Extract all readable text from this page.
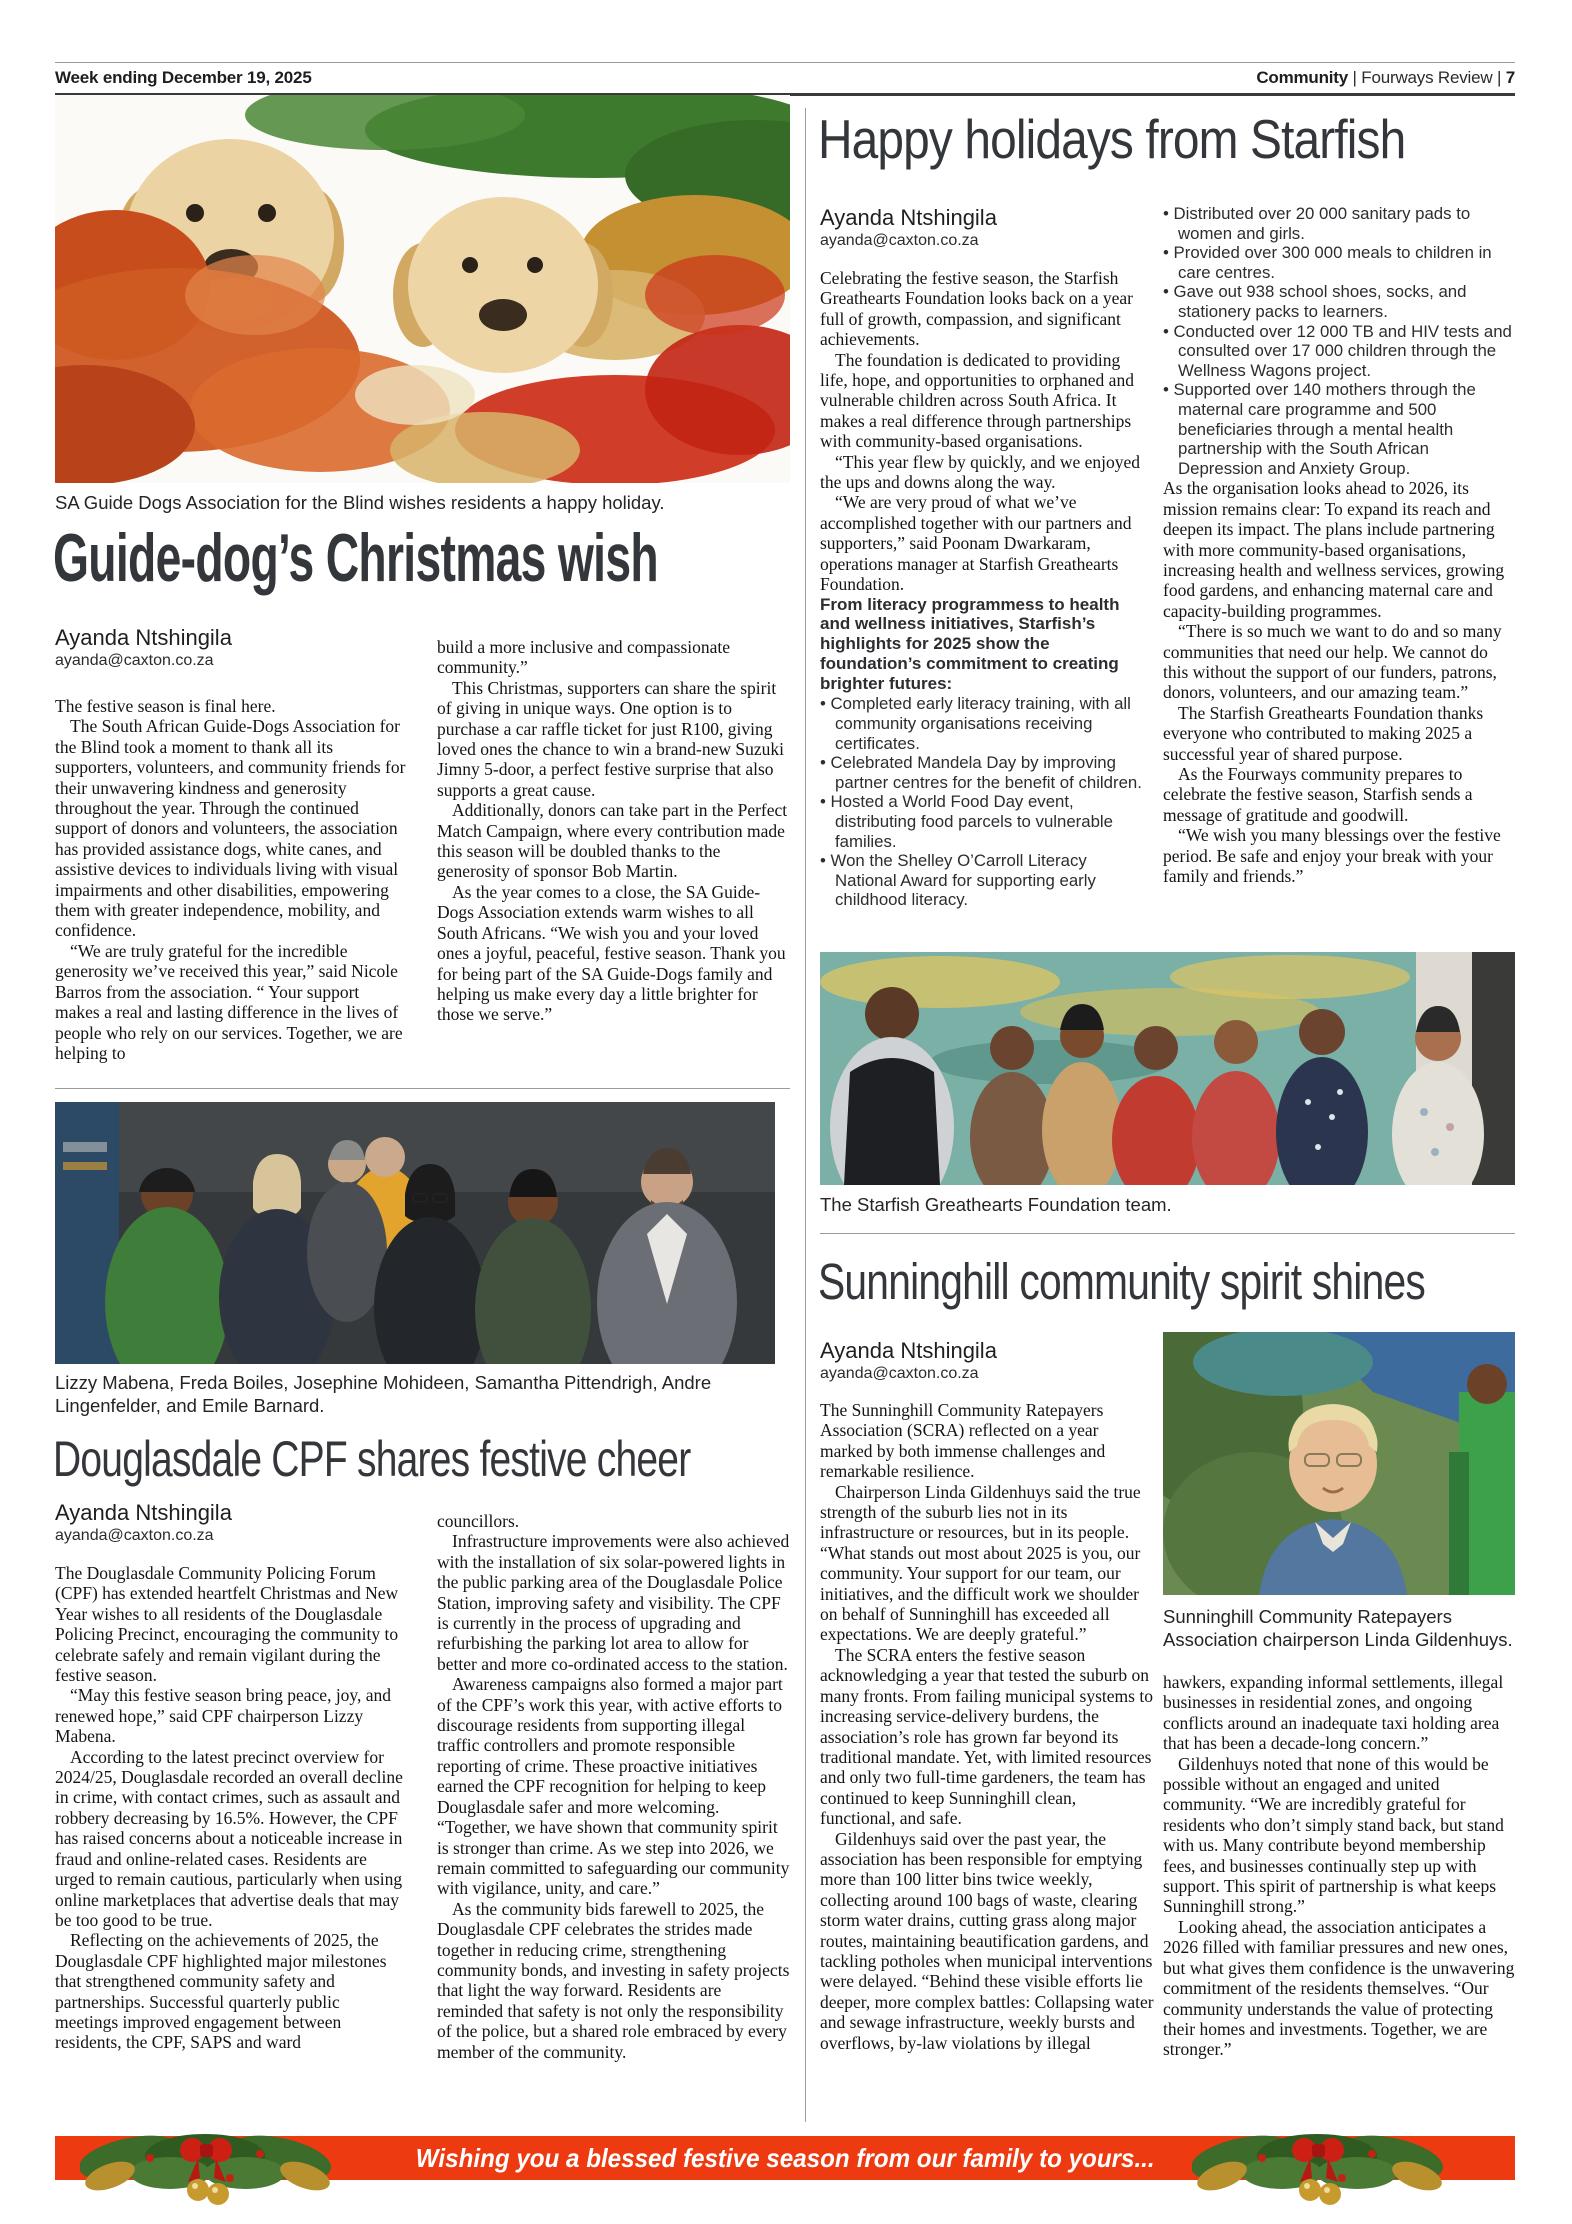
Week ending December 19, 2025	Community | Fourways Review | 7
SA Guide Dogs Association for the Blind wishes residents a happy holiday.
Guide-dog’s Christmas wish
Ayanda Ntshingila
ayanda@caxton.co.za

The festive season is final here.

The South African Guide-Dogs Association for the Blind took a moment to thank all its supporters, volunteers, and community friends for their unwavering kindness and generosity throughout the year. Through the continued support of donors and volunteers, the association has provided assistance dogs, white canes, and assistive devices to individuals living with visual impairments and other disabilities, empowering them with greater independence, mobility, and confidence.

“We are truly grateful for the incredible generosity we’ve received this year,” said Nicole Barros from the association. “ Your support makes a real and lasting difference in the lives of people who rely on our services. Together, we are helping to

build a more inclusive and compassionate community.”

This Christmas, supporters can share the spirit of giving in unique ways. One option is to purchase a car raffle ticket for just R100, giving loved ones the chance to win a brand-new Suzuki Jimny 5-door, a perfect festive surprise that also supports a great cause.

Additionally, donors can take part in the Perfect Match Campaign, where every contribution made this season will be doubled thanks to the generosity of sponsor Bob Martin.

As the year comes to a close, the SA Guide-Dogs Association extends warm wishes to all South Africans. “We wish you and your loved ones a joyful, peaceful, festive season. Thank you for being part of the SA Guide-Dogs family and helping us make every day a little brighter for those we serve.”

Lizzy Mabena, Freda Boiles, Josephine Mohideen, Samantha Pittendrigh, Andre Lingenfelder, and Emile Barnard.
Douglasdale CPF shares festive cheer
Ayanda Ntshingila
ayanda@caxton.co.za

The Douglasdale Community Policing Forum (CPF) has extended heartfelt Christmas and New Year wishes to all residents of the Douglasdale Policing Precinct, encouraging the community to celebrate safely and remain vigilant during the festive season.

“May this festive season bring peace, joy, and renewed hope,” said CPF chairperson Lizzy Mabena.

According to the latest precinct overview for 2024/25, Douglasdale recorded an overall decline in crime, with contact crimes, such as assault and robbery decreasing by 16.5%. However, the CPF has raised concerns about a noticeable increase in fraud and online-related cases. Residents are urged to remain cautious, particularly when using online marketplaces that advertise deals that may be too good to be true.

Reflecting on the achievements of 2025, the Douglasdale CPF highlighted major milestones that strengthened community safety and partnerships. Successful quarterly public meetings improved engagement between residents, the CPF, SAPS and ward

councillors.

Infrastructure improvements were also achieved with the installation of six solar-powered lights in the public parking area of the Douglasdale Police Station, improving safety and visibility. The CPF is currently in the process of upgrading and refurbishing the parking lot area to allow for better and more co-ordinated access to the station.

Awareness campaigns also formed a major part of the CPF’s work this year, with active efforts to discourage residents from supporting illegal traffic controllers and promote responsible reporting of crime. These proactive initiatives earned the CPF recognition for helping to keep Douglasdale safer and more welcoming. “Together, we have shown that community spirit is stronger than crime. As we step into 2026, we remain committed to safeguarding our community with vigilance, unity, and care.”

As the community bids farewell to 2025, the Douglasdale CPF celebrates the strides made together in reducing crime, strengthening community bonds, and investing in safety projects that light the way forward. Residents are reminded that safety is not only the responsibility of the police, but a shared role embraced by every member of the community.

Happy holidays from Starfish
Ayanda Ntshingila
ayanda@caxton.co.za

Celebrating the festive season, the Starfish Greathearts Foundation looks back on a year full of growth, compassion, and significant achievements.

The foundation is dedicated to providing life, hope, and opportunities to orphaned and vulnerable children across South Africa. It makes a real difference through partnerships with community-based organisations.

“This year flew by quickly, and we enjoyed the ups and downs along the way.

“We are very proud of what we’ve accomplished together with our partners and supporters,” said Poonam Dwarkaram, operations manager at Starfish Greathearts Foundation.

From literacy programmess to health and wellness initiatives, Starfish’s highlights for 2025 show the foundation’s commitment to creating brighter futures:
• Completed early literacy training, with all community organisations receiving certificates.
• Celebrated Mandela Day by improving partner centres for the benefit of children.
• Hosted a World Food Day event, distributing food parcels to vulnerable families.
• Won the Shelley O’Carroll Literacy National Award for supporting early childhood literacy.
• Distributed over 20 000 sanitary pads to women and girls.
• Provided over 300 000 meals to children in care centres.
• Gave out 938 school shoes, socks, and stationery packs to learners.
• Conducted over 12 000 TB and HIV tests and consulted over 17 000 children through the Wellness Wagons project.
• Supported over 140 mothers through the maternal care programme and 500 beneficiaries through a mental health partnership with the South African Depression and Anxiety Group.

As the organisation looks ahead to 2026, its mission remains clear: To expand its reach and deepen its impact. The plans include partnering with more community-based organisations, increasing health and wellness services, growing food gardens, and enhancing maternal care and capacity-building programmes.

“There is so much we want to do and so many communities that need our help. We cannot do this without the support of our funders, patrons, donors, volunteers, and our amazing team.”

The Starfish Greathearts Foundation thanks everyone who contributed to making 2025 a successful year of shared purpose.

As the Fourways community prepares to celebrate the festive season, Starfish sends a message of gratitude and goodwill.

“We wish you many blessings over the festive period. Be safe and enjoy your break with your family and friends.”

The Starfish Greathearts Foundation team.
Sunninghill community spirit shines
Ayanda Ntshingila
ayanda@caxton.co.za

The Sunninghill Community Ratepayers Association (SCRA) reflected on a year marked by both immense challenges and remarkable resilience.

Chairperson Linda Gildenhuys said the true strength of the suburb lies not in its infrastructure or resources, but in its people. “What stands out most about 2025 is you, our community. Your support for our team, our initiatives, and the difficult work we shoulder on behalf of Sunninghill has exceeded all expectations. We are deeply grateful.”

The SCRA enters the festive season acknowledging a year that tested the suburb on many fronts. From failing municipal systems to increasing service-delivery burdens, the association’s role has grown far beyond its traditional mandate. Yet, with limited resources and only two full-time gardeners, the team has continued to keep Sunninghill clean, functional, and safe.

Gildenhuys said over the past year, the association has been responsible for emptying more than 100 litter bins twice weekly, collecting around 100 bags of waste, clearing storm water drains, cutting grass along major routes, maintaining beautification gardens, and tackling potholes when municipal interventions were delayed. “Behind these visible efforts lie deeper, more complex battles: Collapsing water and sewage infrastructure, weekly bursts and overflows, by-law violations by illegal

Sunninghill Community Ratepayers Association chairperson Linda Gildenhuys.

hawkers, expanding informal settlements, illegal businesses in residential zones, and ongoing conflicts around an inadequate taxi holding area that has been a decade-long concern.”

Gildenhuys noted that none of this would be possible without an engaged and united community. “We are incredibly grateful for residents who don’t simply stand back, but stand with us. Many contribute beyond membership fees, and businesses continually step up with support. This spirit of partnership is what keeps Sunninghill strong.”

Looking ahead, the association anticipates a 2026 filled with familiar pressures and new ones, but what gives them confidence is the unwavering commitment of the residents themselves. “Our community understands the value of protecting their homes and investments. Together, we are stronger.”

Wishing you a blessed festive season from our family to yours...
